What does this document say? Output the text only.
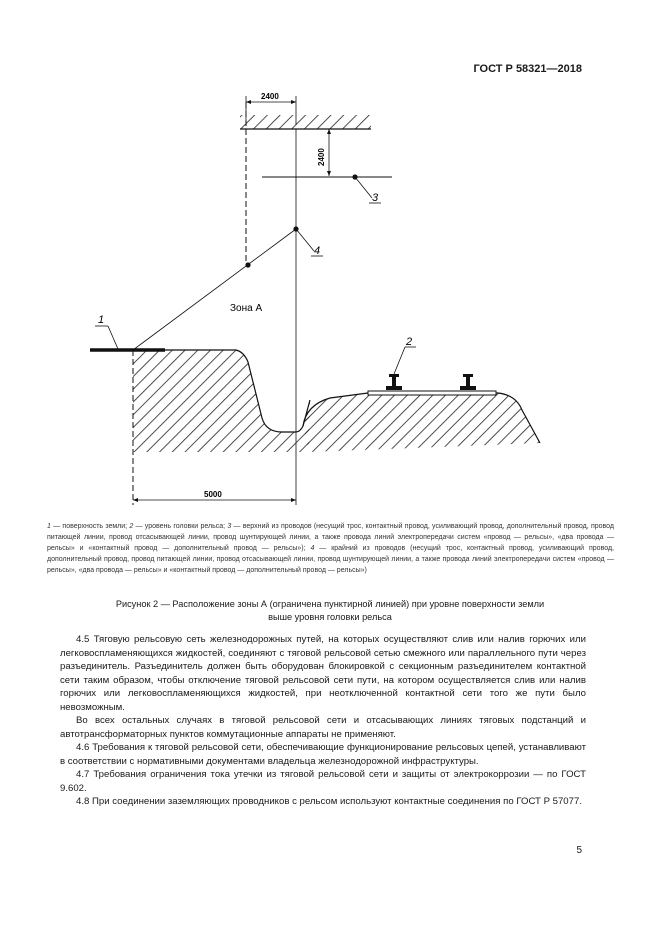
ГОСТ Р 58321—2018
2400
2400
3
4
Зона А
2
1
5000
1 — поверхность земли; 2 — уровень головки рельса; 3 — верхний из проводов (несущий трос, контактный провод, усиливающий провод, дополнительный провод, провод питающей линии, провод отсасывающей линии, провод шунтирующей линии, а также провода линий электропередачи систем «провод — рельсы», «два провода — рельсы» и «контактный провод — дополнительный провод — рельсы»); 4 — крайний из проводов (несущий трос, контактный провод, усиливающий провод, дополнительный провод, провод питающей линии, провод отсасывающей линии, провод шунтирующей линии, а также провода линий электропередачи систем «провод — рельсы», «два провода — рельсы» и «контактный провод — дополнительный провод — рельсы»)
Рисунок 2 — Расположение зоны А (ограничена пунктирной линией) при уровне поверхности земли
выше уровня головки рельса

4.5 Тяговую рельсовую сеть железнодорожных путей, на которых осуществляют слив или налив горючих или легковоспламеняющихся жидкостей, соединяют с тяговой рельсовой сетью смежного или параллельного пути через разъединитель. Разъединитель должен быть оборудован блокировкой с секционным разъединителем контактной сети таким образом, чтобы отключение тяговой рельсовой сети пути, на котором осуществляется слив или налив горючих или легковоспламеняющихся жидкостей, при неотключенной контактной сети того же пути было невозможным.

Во всех остальных случаях в тяговой рельсовой сети и отсасывающих линиях тяговых подстанций и автотрансформаторных пунктов коммутационные аппараты не применяют.

4.6 Требования к тяговой рельсовой сети, обеспечивающие функционирование рельсовых цепей, устанавливают в соответствии с нормативными документами владельца железнодорожной инфраструктуры.

4.7 Требования ограничения тока утечки из тяговой рельсовой сети и защиты от электрокоррозии — по ГОСТ 9.602.

4.8 При соединении заземляющих проводников с рельсом используют контактные соединения по ГОСТ Р 57077.

5
